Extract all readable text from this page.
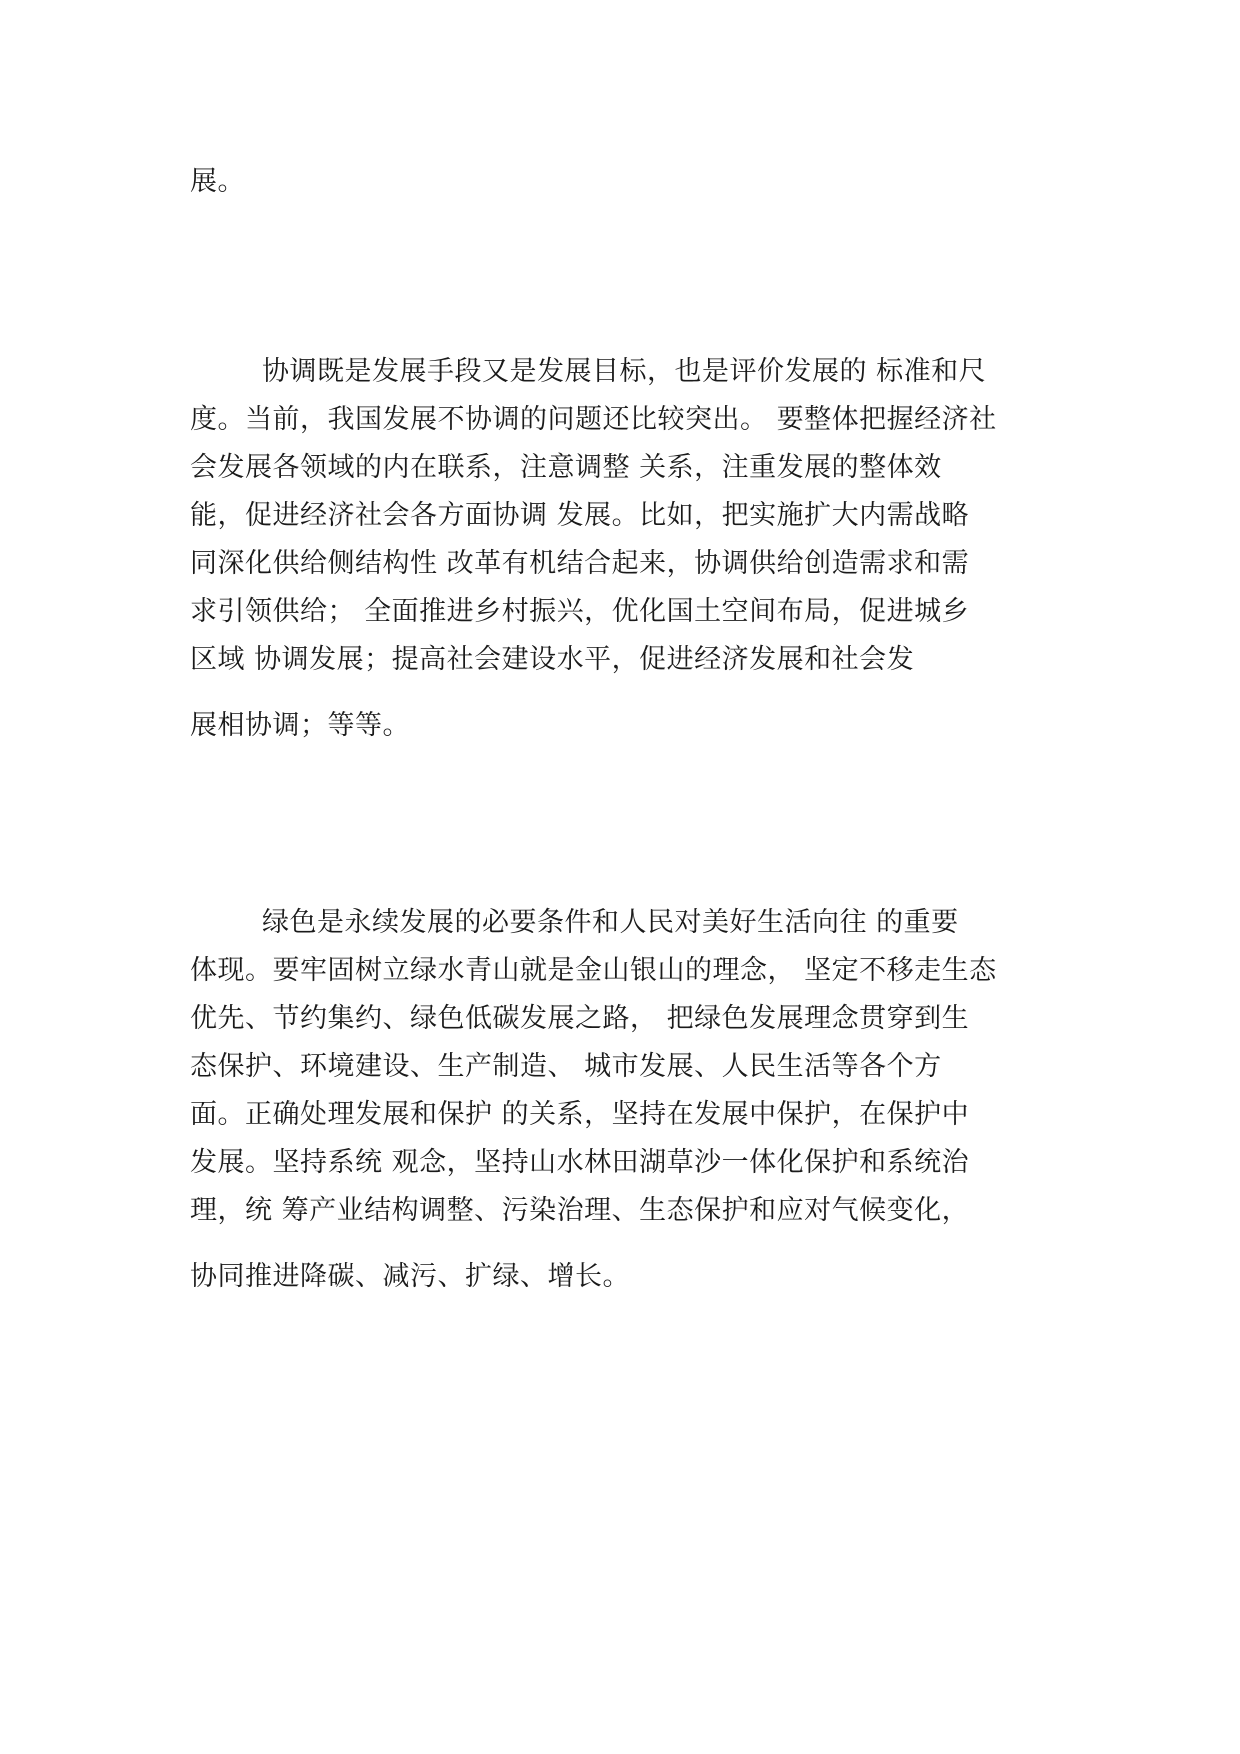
展。

协调既是发展手段又是发展目标，也是评价发展的 标准和尺

度。当前，我国发展不协调的问题还比较突出。 要整体把握经济社

会发展各领域的内在联系，注意调整 关系，注重发展的整体效

能，促进经济社会各方面协调 发展。比如，把实施扩大内需战略

同深化供给侧结构性 改革有机结合起来，协调供给创造需求和需

求引领供给； 全面推进乡村振兴，优化国土空间布局，促进城乡

区域 协调发展；提高社会建设水平，促进经济发展和社会发

展相协调；等等。

绿色是永续发展的必要条件和人民对美好生活向往 的重要

体现。要牢固树立绿水青山就是金山银山的理念， 坚定不移走生态

优先、节约集约、绿色低碳发展之路， 把绿色发展理念贯穿到生

态保护、环境建设、生产制造、 城市发展、人民生活等各个方

面。正确处理发展和保护 的关系，坚持在发展中保护，在保护中

发展。坚持系统 观念，坚持山水林田湖草沙一体化保护和系统治

理，统 筹产业结构调整、污染治理、生态保护和应对气候变化，

协同推进降碳、减污、扩绿、增长。
